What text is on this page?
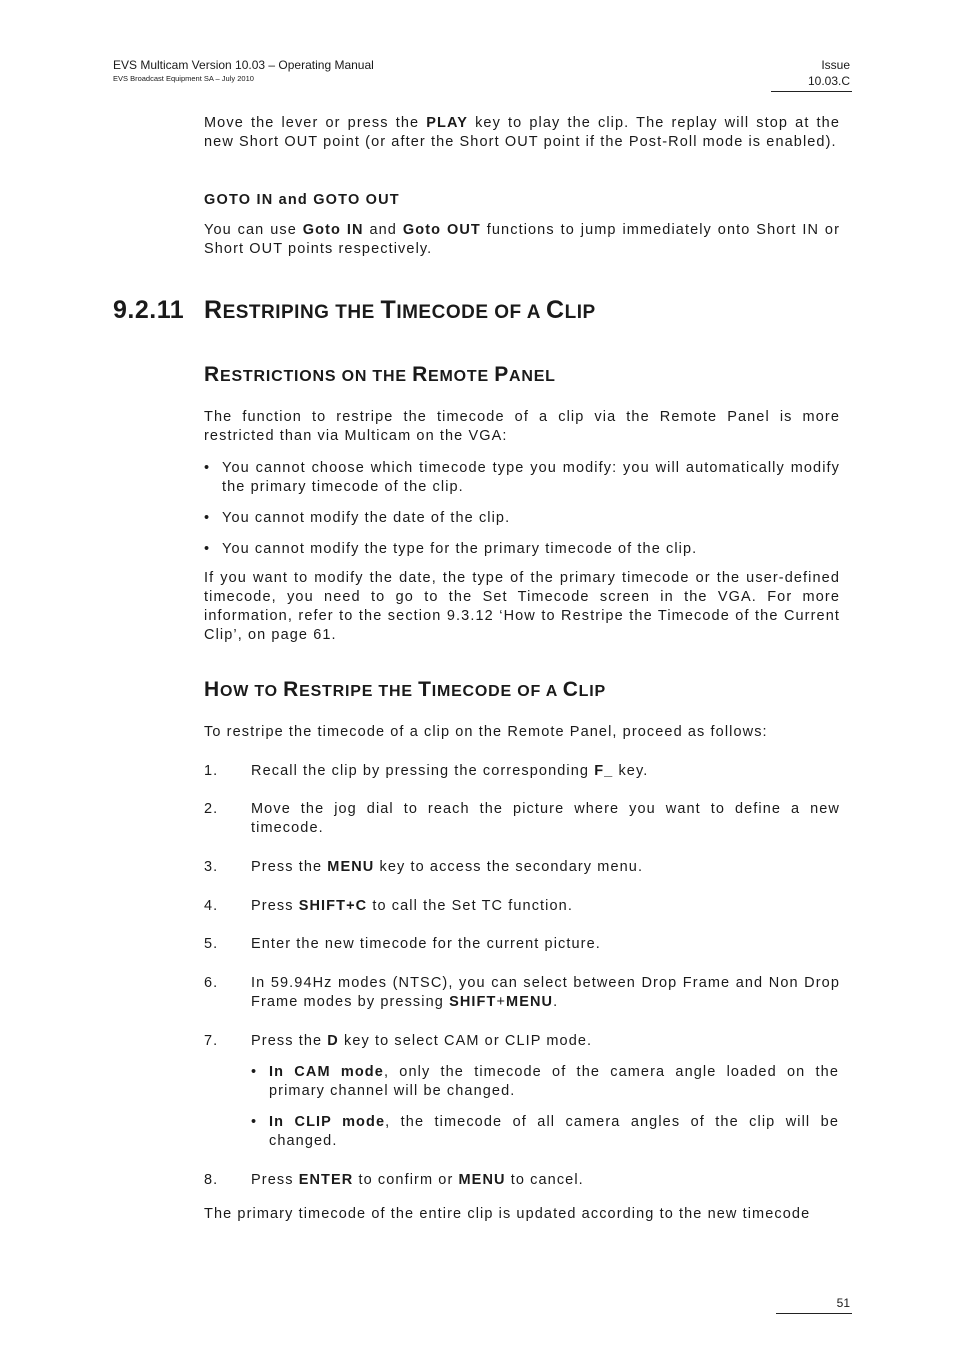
EVS Multicam Version 10.03 – Operating Manual
EVS Broadcast Equipment SA – July 2010
Issue
10.03.C

Move the lever or press the PLAY key to play the clip. The replay will stop at the new Short OUT point (or after the Short OUT point if the Post-Roll mode is enabled).

GOTO IN and GOTO OUT

You can use Goto IN and Goto OUT functions to jump immediately onto Short IN or Short OUT points respectively.

9.2.11 RESTRIPING THE TIMECODE OF A CLIP
RESTRICTIONS ON THE REMOTE PANEL

The function to restripe the timecode of a clip via the Remote Panel is more restricted than via Multicam on the VGA:

• You cannot choose which timecode type you modify: you will automatically modify the primary timecode of the clip.
• You cannot modify the date of the clip.
• You cannot modify the type for the primary timecode of the clip.

If you want to modify the date, the type of the primary timecode or the user-defined timecode, you need to go to the Set Timecode screen in the VGA. For more information, refer to the section 9.3.12 ‘How to Restripe the Timecode of the Current Clip’, on page 61.

HOW TO RESTRIPE THE TIMECODE OF A CLIP

To restripe the timecode of a clip on the Remote Panel, proceed as follows:

1.	Recall the clip by pressing the corresponding F_ key.
2.	Move the jog dial to reach the picture where you want to define a new timecode.
3.	Press the MENU key to access the secondary menu.
4.	Press SHIFT+C to call the Set TC function.
5.	Enter the new timecode for the current picture.
6.	In 59.94Hz modes (NTSC), you can select between Drop Frame and Non Drop Frame modes by pressing SHIFT+MENU.
7.	Press the D key to select CAM or CLIP mode.
• In CAM mode, only the timecode of the camera angle loaded on the primary channel will be changed.
• In CLIP mode, the timecode of all camera angles of the clip will be changed.
8.	Press ENTER to confirm or MENU to cancel.

The primary timecode of the entire clip is updated according to the new timecode

51
